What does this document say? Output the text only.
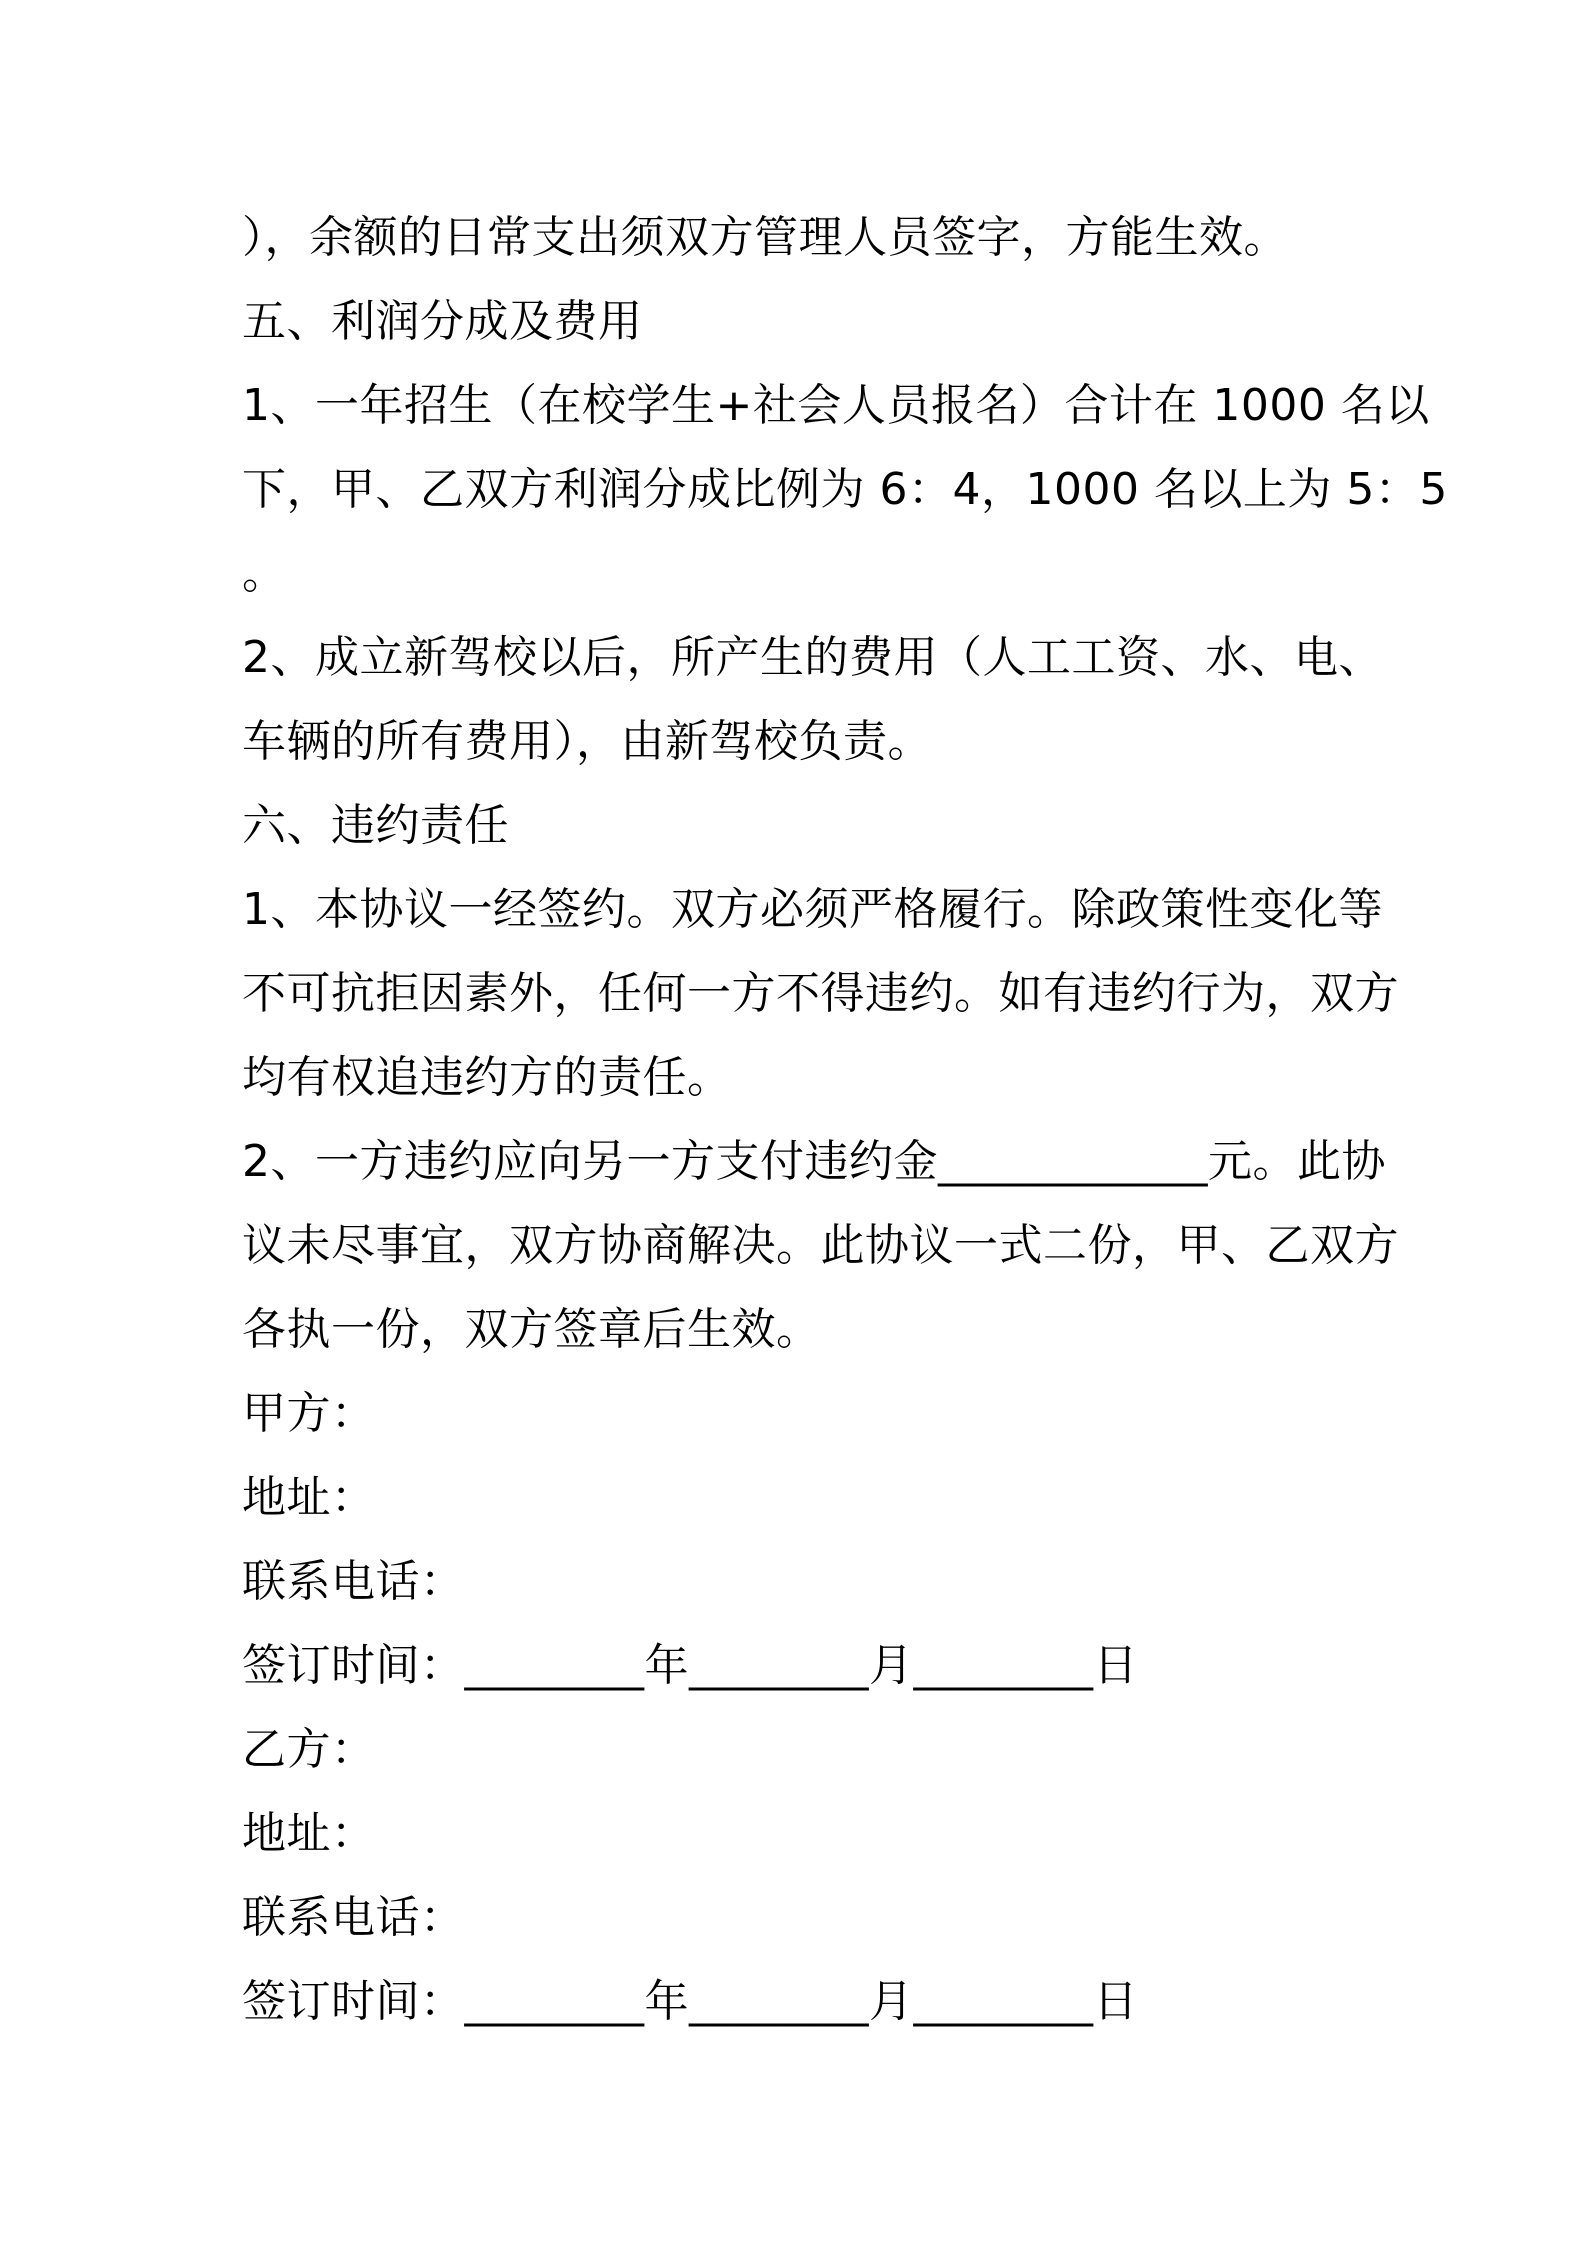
），余额的日常支出须双方管理人员签字，方能生效。
五、利润分成及费用
1、一年招生（在校学生+社会人员报名）合计在 1000 名以
下，甲、乙双方利润分成比例为 6：4，1000 名以上为 5：5
。
2、成立新驾校以后，所产生的费用（人工工资、水、电、
车辆的所有费用），由新驾校负责。
六、违约责任
1、本协议一经签约。双方必须严格履行。除政策性变化等
不可抗拒因素外，任何一方不得违约。如有违约行为，双方
均有权追违约方的责任。
2、一方违约应向另一方支付违约金____________元。此协
议未尽事宜，双方协商解决。此协议一式二份，甲、乙双方
各执一份，双方签章后生效。
甲方：
地址：
联系电话：
签订时间：________年________月________日
乙方：
地址：
联系电话：
签订时间：________年________月________日
